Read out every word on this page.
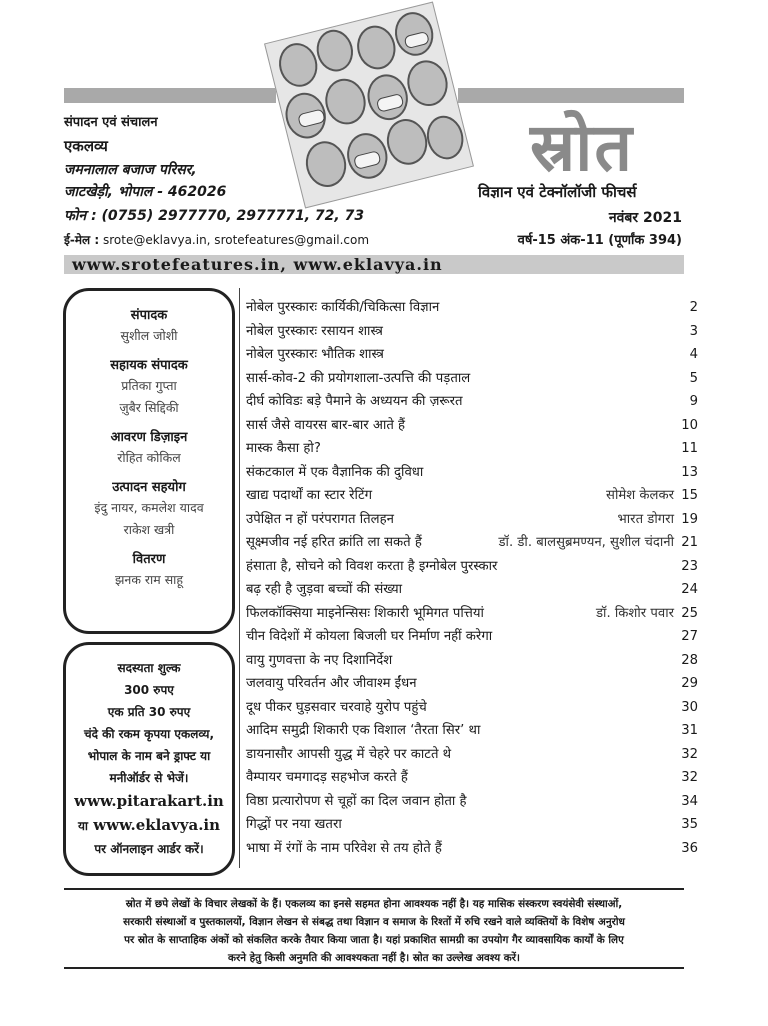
संपादन एवं संचालन
एकलव्य
जमनालाल बजाज परिसर,
जाटखेड़ी, भोपाल - 462026
फोन : (0755) 2977770, 2977771, 72, 73
ई-मेल : srote@eklavya.in, srotefeatures@gmail.com
स्रोत
विज्ञान एवं टेक्नॉलॉजी फीचर्स
नवंबर 2021
वर्ष-15 अंक-11 (पूर्णांक 394)
www.srotefeatures.in, www.eklavya.in
संपादक
सुशील जोशी
सहायक संपादक
प्रतिका गुप्ता
ज़ुबैर सिद्दिकी
आवरण डिज़ाइन
रोहित कोकिल
उत्पादन सहयोग
इंदु नायर, कमलेश यादव
राकेश खत्री
वितरण
झनक राम साहू
सदस्यता शुल्क
300 रुपए
एक प्रति 30 रुपए
चंदे की रकम कृपया एकलव्य,
भोपाल के नाम बने ड्राफ्ट या
मनीऑर्डर से भेजें।
www.pitarakart.in
या www.eklavya.in
पर ऑनलाइन आर्डर करें।
नोबेल पुरस्कारः कार्यिकी/चिकित्सा विज्ञान	2
नोबेल पुरस्कारः रसायन शास्त्र	3
नोबेल पुरस्कारः भौतिक शास्त्र	4
सार्स-कोव-2 की प्रयोगशाला-उत्पत्ति की पड़ताल	5
दीर्घ कोविडः बड़े पैमाने के अध्ययन की ज़रूरत	9
सार्स जैसे वायरस बार-बार आते हैं	10
मास्क कैसा हो?	11
संकटकाल में एक वैज्ञानिक की दुविधा	13
खाद्य पदार्थों का स्टार रेटिंग	सोमेश केलकर 15
उपेक्षित न हों परंपरागत तिलहन	भारत डोगरा 19
सूक्ष्मजीव नई हरित क्रांति ला सकते हैं	डॉ. डी. बालसुब्रमण्यन, सुशील चंदानी 21
हंसाता है, सोचने को विवश करता है इग्नोबेल पुरस्कार	23
बढ़ रही है जुड़वा बच्चों की संख्या	24
फिलकॉक्सिया माइनेन्सिसः शिकारी भूमिगत पत्तियां	डॉ. किशोर पवार 25
चीन विदेशों में कोयला बिजली घर निर्माण नहीं करेगा	27
वायु गुणवत्ता के नए दिशानिर्देश	28
जलवायु परिवर्तन और जीवाश्म ईंधन	29
दूध पीकर घुड़सवार चरवाहे युरोप पहुंचे	30
आदिम समुद्री शिकारी एक विशाल ‘तैरता सिर’ था	31
डायनासौर आपसी युद्ध में चेहरे पर काटते थे	32
वैम्पायर चमगादड़ सहभोज करते हैं	32
विष्ठा प्रत्यारोपण से चूहों का दिल जवान होता है	34
गिद्धों पर नया खतरा	35
भाषा में रंगों के नाम परिवेश से तय होते हैं	36
स्रोत में छपे लेखों के विचार लेखकों के हैं। एकलव्य का इनसे सहमत होना आवश्यक नहीं है। यह मासिक संस्करण स्वयंसेवी संस्थाओं,
सरकारी संस्थाओं व पुस्तकालयों, विज्ञान लेखन से संबद्ध तथा विज्ञान व समाज के रिश्तों में रुचि रखने वाले व्यक्तियों के विशेष अनुरोध
पर स्रोत के साप्ताहिक अंकों को संकलित करके तैयार किया जाता है। यहां प्रकाशित सामग्री का उपयोग गैर व्यावसायिक कार्यों के लिए
करने हेतु किसी अनुमति की आवश्यकता नहीं है। स्रोत का उल्लेख अवश्य करें।
